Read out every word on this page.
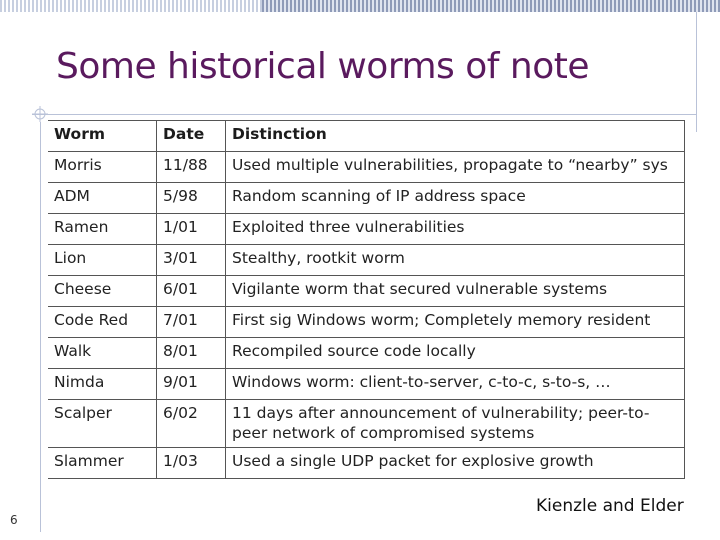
Some historical worms of note
Worm	Date	Distinction
Morris	11/88	Used multiple vulnerabilities, propagate to “nearby” sys
ADM	5/98	Random scanning of IP address space
Ramen	1/01	Exploited three vulnerabilities
Lion	3/01	Stealthy, rootkit worm
Cheese	6/01	Vigilante worm that secured vulnerable systems
Code Red	7/01	First sig Windows worm; Completely memory resident
Walk	8/01	Recompiled source code locally
Nimda	9/01	Windows worm: client-to-server, c-to-c, s-to-s, …
Scalper	6/02	11 days after announcement of vulnerability; peer-to-peer network of compromised systems
Slammer	1/03	Used a single UDP packet for explosive growth
Kienzle and Elder
6
